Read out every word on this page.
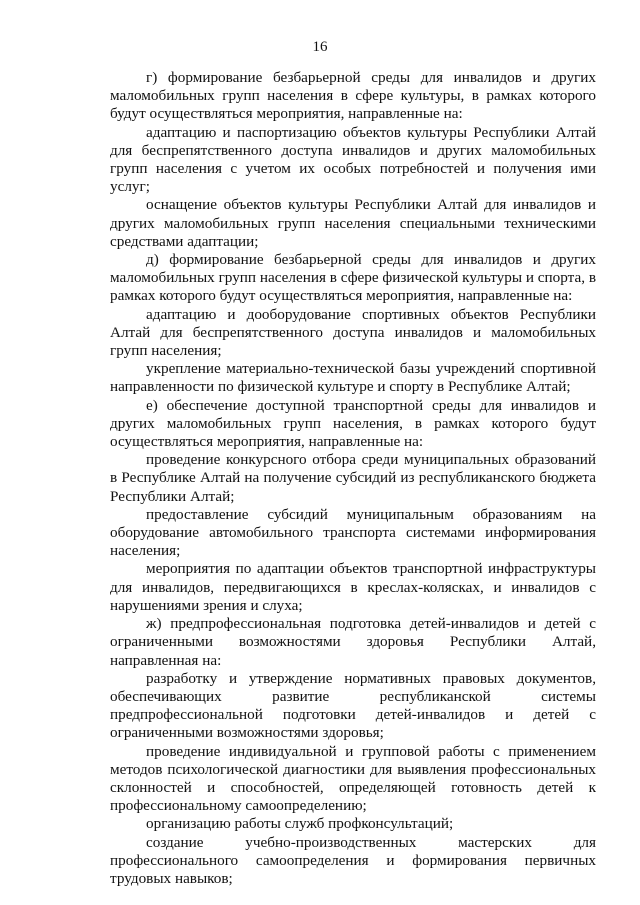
16

г) формирование безбарьерной среды для инвалидов и других маломобильных групп населения в сфере культуры, в рамках которого будут осуществляться мероприятия, направленные на:

адаптацию и паспортизацию объектов культуры Республики Алтай для беспрепятственного доступа инвалидов и других маломобильных групп населения с учетом их особых потребностей и получения ими услуг;

оснащение объектов культуры Республики Алтай для инвалидов и других маломобильных групп населения специальными техническими средствами адаптации;

д) формирование безбарьерной среды для инвалидов и других маломобильных групп населения в сфере физической культуры и спорта, в рамках которого будут осуществляться мероприятия, направленные на:

адаптацию и дооборудование спортивных объектов Республики Алтай для беспрепятственного доступа инвалидов и маломобильных групп населения;

укрепление материально-технической базы учреждений спортивной направленности по физической культуре и спорту в Республике Алтай;

е) обеспечение доступной транспортной среды для инвалидов и других маломобильных групп населения, в рамках которого будут осуществляться мероприятия, направленные на:

проведение конкурсного отбора среди муниципальных образований в Республике Алтай на получение субсидий из республиканского бюджета Республики Алтай;

предоставление субсидий муниципальным образованиям на оборудование автомобильного транспорта системами информирования населения;

мероприятия по адаптации объектов транспортной инфраструктуры для инвалидов, передвигающихся в креслах-колясках, и инвалидов с нарушениями зрения и слуха;

ж) предпрофессиональная подготовка детей-инвалидов и детей с ограниченными возможностями здоровья Республики Алтай, направленная на:

разработку и утверждение нормативных правовых документов, обеспечивающих развитие республиканской системы предпрофессиональной подготовки детей-инвалидов и детей с ограниченными возможностями здоровья;

проведение индивидуальной и групповой работы с применением методов психологической диагностики для выявления профессиональных склонностей и способностей, определяющей готовность детей к профессиональному самоопределению;

организацию работы служб профконсультаций;

создание учебно-производственных мастерских для профессионального самоопределения и формирования первичных трудовых навыков;
